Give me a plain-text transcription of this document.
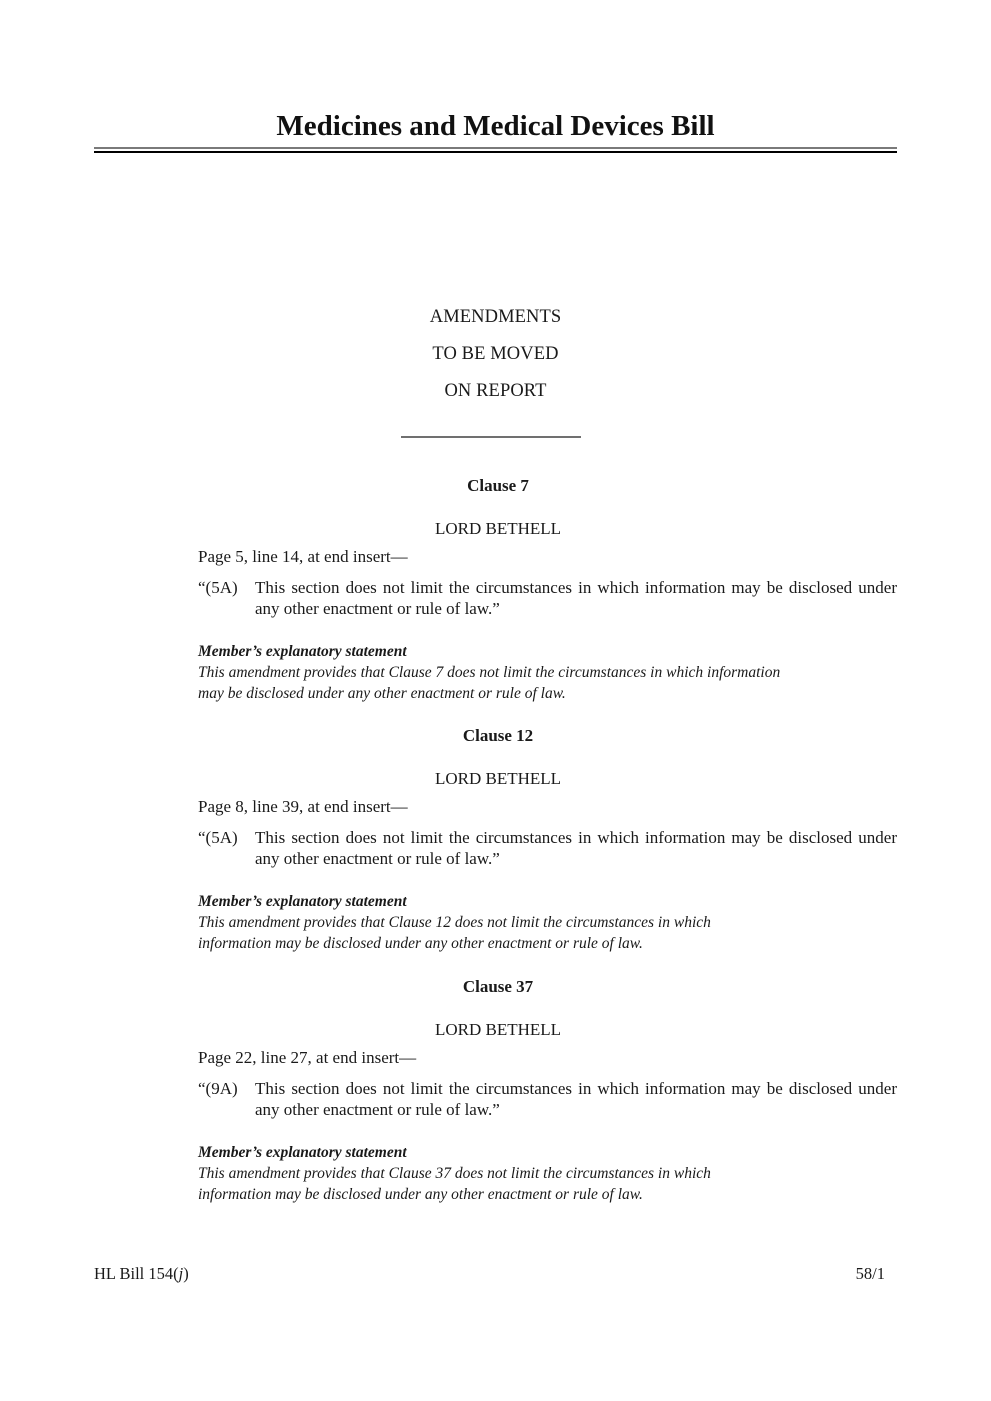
Medicines and Medical Devices Bill
AMENDMENTS
TO BE MOVED
ON REPORT
Clause 7
LORD BETHELL
Page 5, line 14, at end insert—
“(5A) This section does not limit the circumstances in which information may be disclosed under any other enactment or rule of law.”
Member’s explanatory statement
This amendment provides that Clause 7 does not limit the circumstances in which information
may be disclosed under any other enactment or rule of law.
Clause 12
LORD BETHELL
Page 8, line 39, at end insert—
“(5A) This section does not limit the circumstances in which information may be disclosed under any other enactment or rule of law.”
Member’s explanatory statement
This amendment provides that Clause 12 does not limit the circumstances in which
information may be disclosed under any other enactment or rule of law.
Clause 37
LORD BETHELL
Page 22, line 27, at end insert—
“(9A) This section does not limit the circumstances in which information may be disclosed under any other enactment or rule of law.”
Member’s explanatory statement
This amendment provides that Clause 37 does not limit the circumstances in which
information may be disclosed under any other enactment or rule of law.
HL Bill 154(j)	58/1
